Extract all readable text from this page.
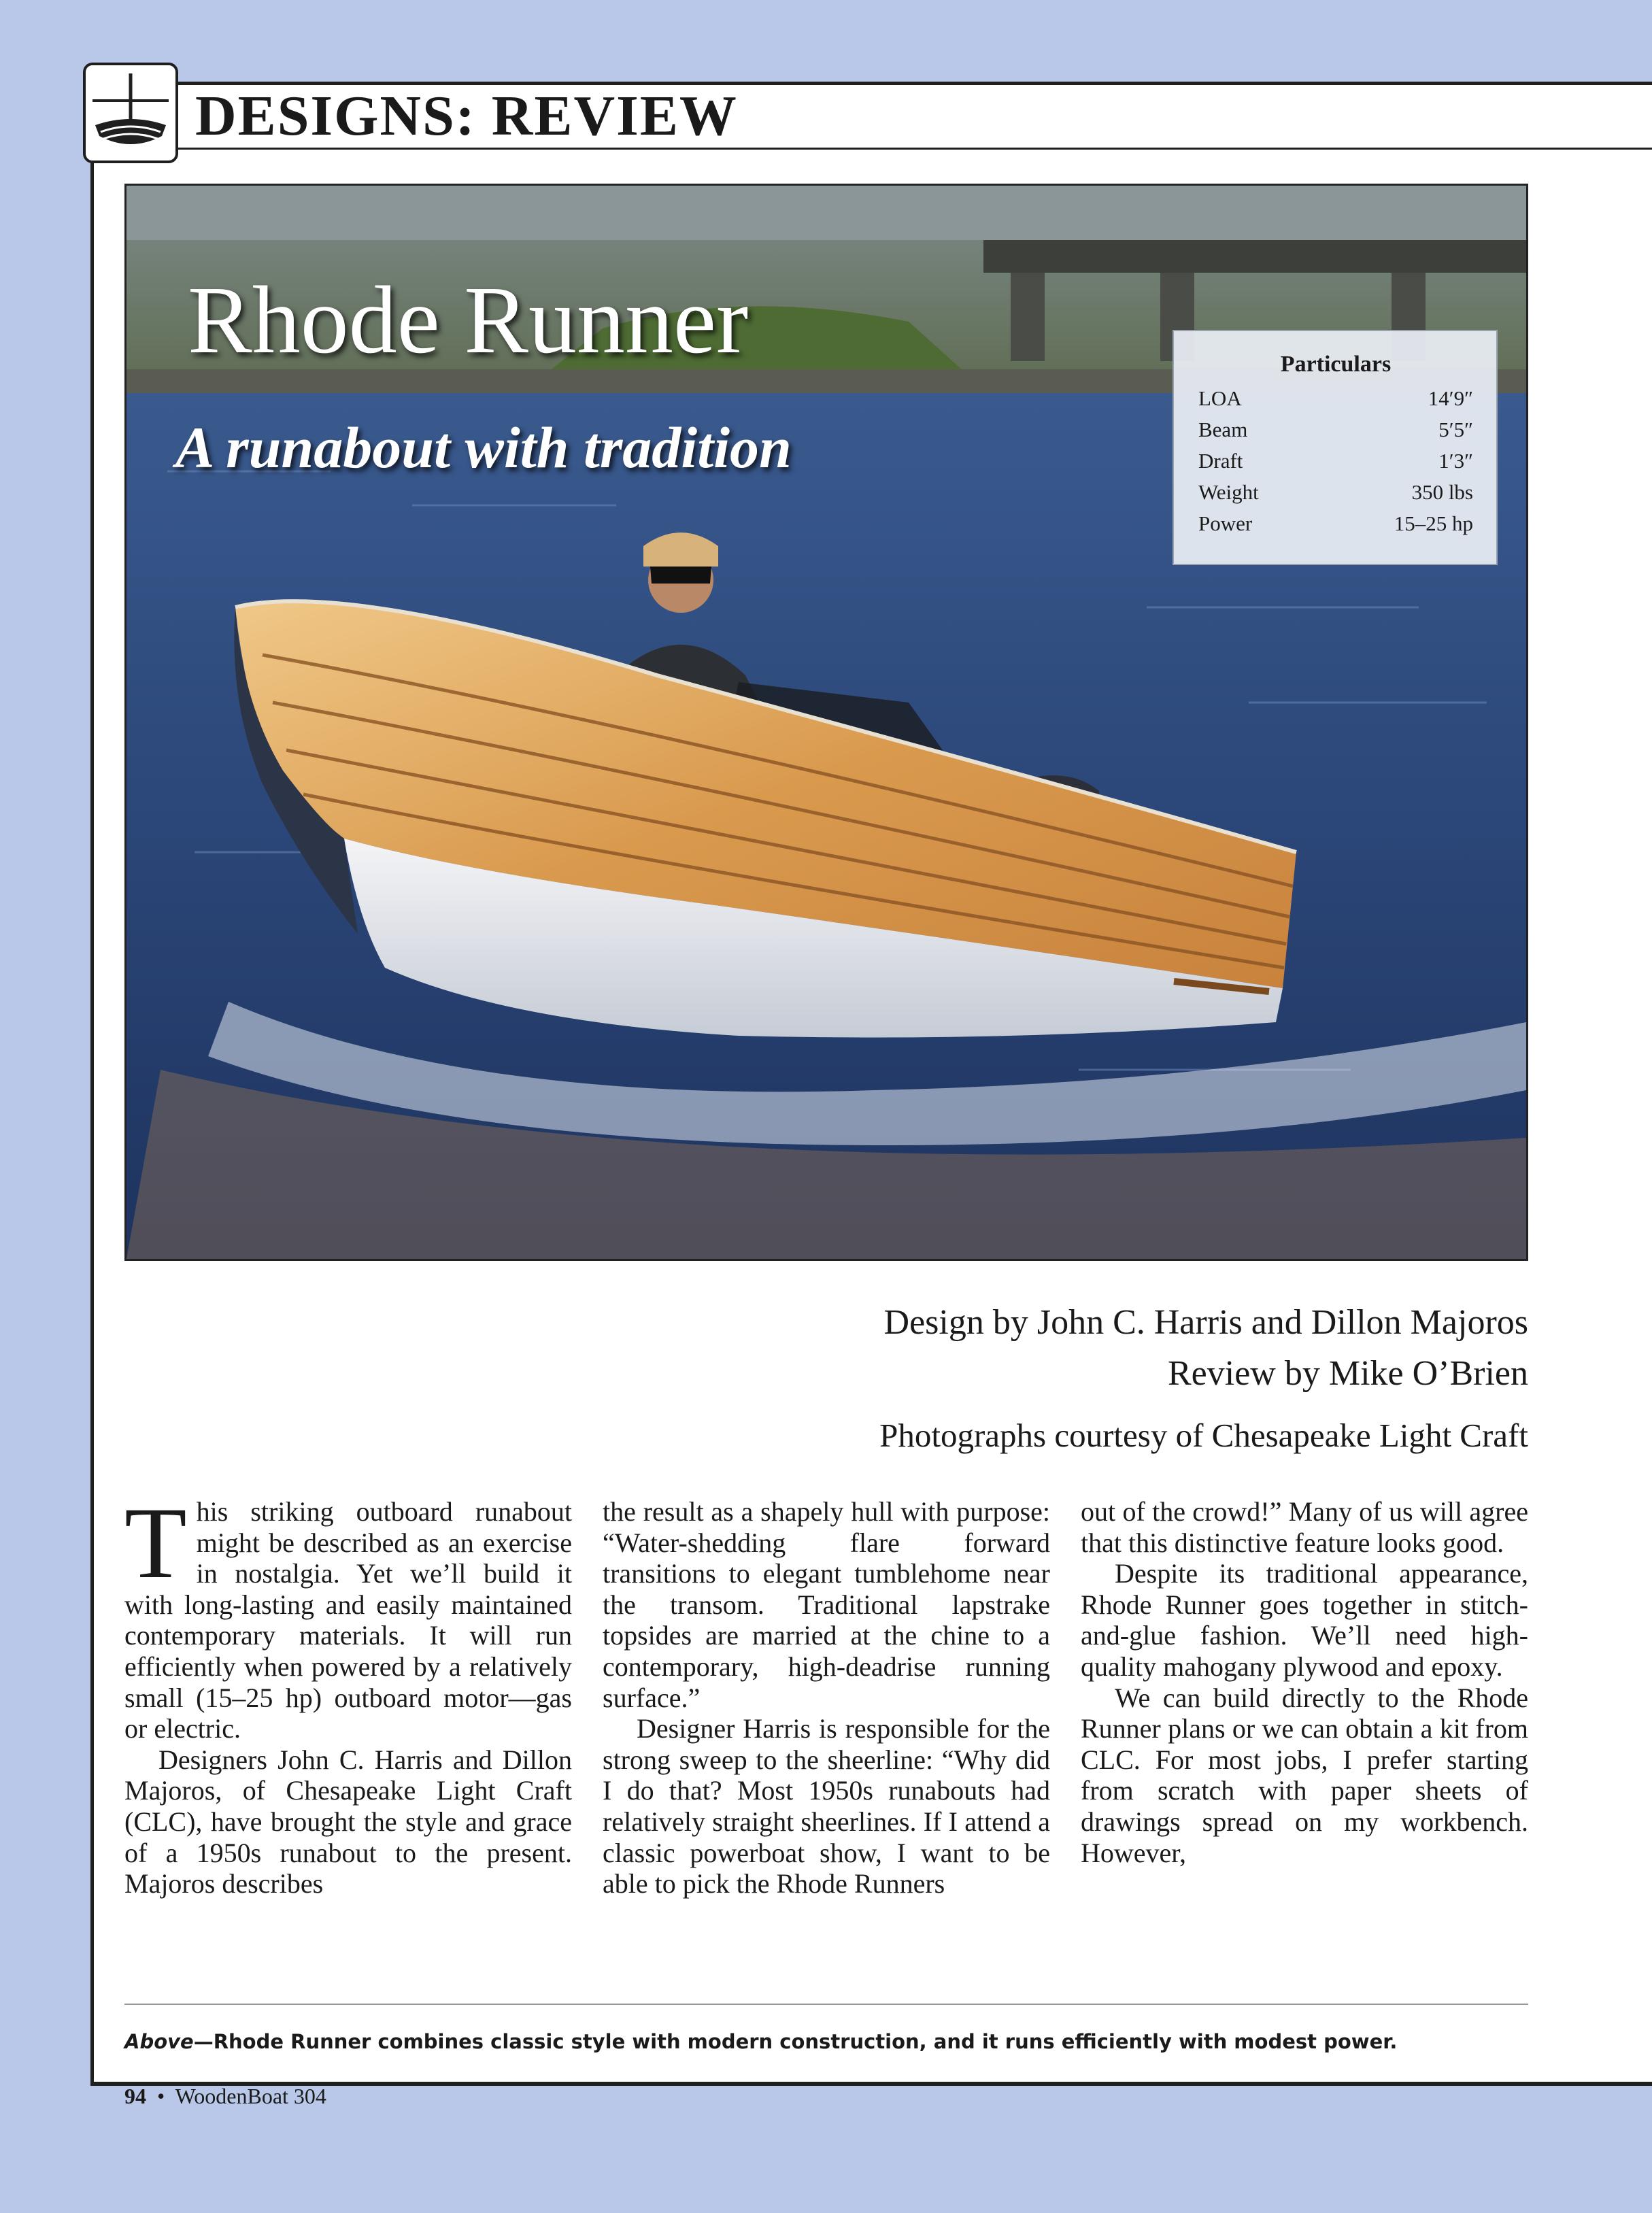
DESIGNS: REVIEW
Rhode Runner
A runabout with tradition

Particulars

LOA	14′9″
Beam	5′5″
Draft	1′3″
Weight	350 lbs
Power	15–25 hp

Design by John C. Harris and Dillon Majoros

Review by Mike O’Brien

Photographs courtesy of Chesapeake Light Craft

This striking outboard runabout might be described as an exercise in nostalgia. Yet we’ll build it with long-lasting and easily maintained contemporary materials. It will run efficiently when powered by a relatively small (15–25 hp) outboard motor—gas or electric.

Designers John C. Harris and Dillon Majoros, of Chesapeake Light Craft (CLC), have brought the style and grace of a 1950s runabout to the present. Majoros describes

the result as a shapely hull with purpose: “Water-shedding flare forward transitions to elegant tumblehome near the transom. Traditional lapstrake topsides are married at the chine to a contemporary, high-deadrise running surface.”

Designer Harris is responsible for the strong sweep to the sheerline: “Why did I do that? Most 1950s runabouts had relatively straight sheerlines. If I attend a classic powerboat show, I want to be able to pick the Rhode Runners

out of the crowd!” Many of us will agree that this distinctive feature looks good.

Despite its traditional appearance, Rhode Runner goes together in stitch-and-glue fashion. We’ll need high-quality mahogany plywood and epoxy.

We can build directly to the Rhode Runner plans or we can obtain a kit from CLC. For most jobs, I prefer starting from scratch with paper sheets of drawings spread on my workbench. However,

Above—Rhode Runner combines classic style with modern construction, and it runs efficiently with modest power.

94 • WoodenBoat 304
